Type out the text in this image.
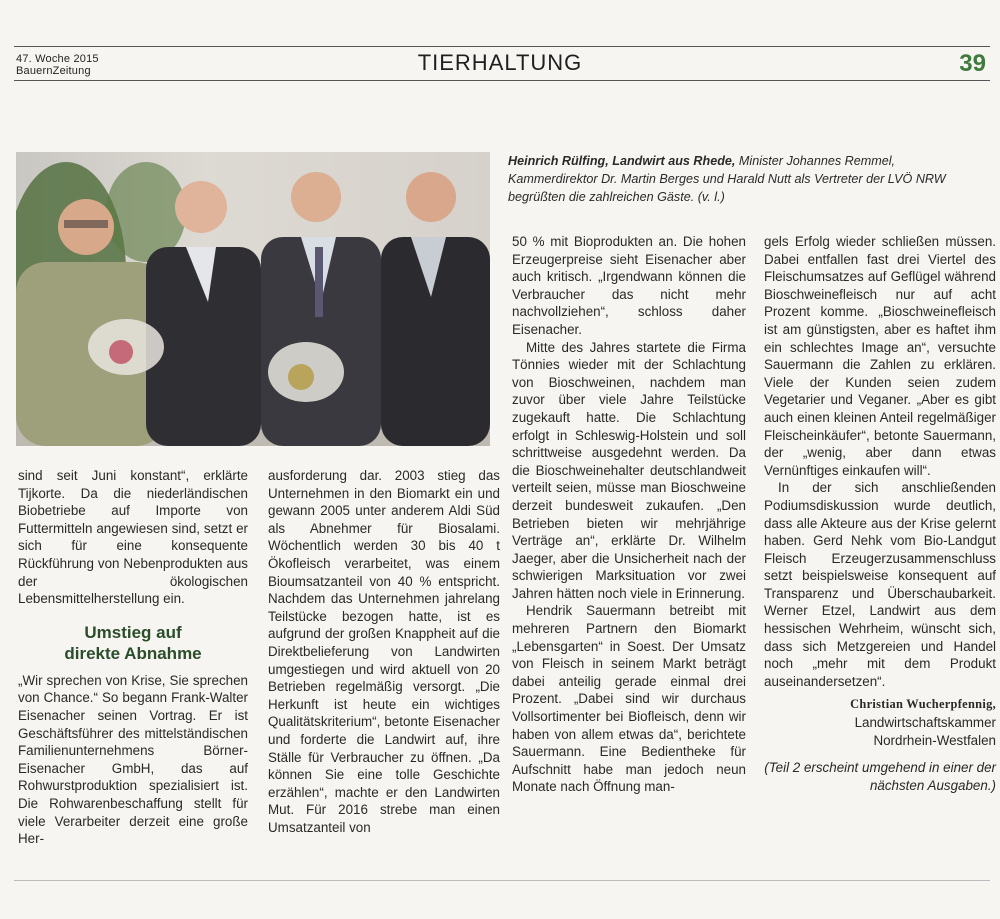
47. Woche 2015
BauernZeitung	TIERHALTUNG	39
Heinrich Rülfing, Landwirt aus Rhede, Minister Johannes Remmel, Kammerdirektor Dr. Martin Berges und Harald Nutt als Vertreter der LVÖ NRW begrüßten die zahlreichen Gäste. (v. l.)

sind seit Juni konstant“, erklärte Tijkorte. Da die niederländischen Biobetriebe auf Importe von Futtermitteln angewiesen sind, setzt er sich für eine konsequente Rückführung von Nebenprodukten aus der ökologischen Lebensmittelherstellung ein.

Umstieg auf
direkte Abnahme

„Wir sprechen von Krise, Sie sprechen von Chance.“ So begann Frank-Walter Eisenacher seinen Vortrag. Er ist Geschäftsführer des mittelständischen Familienunternehmens Börner-Eisenacher GmbH, das auf Rohwurstproduktion spezialisiert ist. Die Rohwarenbeschaffung stellt für viele Verarbeiter derzeit eine große Her-

ausforderung dar. 2003 stieg das Unternehmen in den Biomarkt ein und gewann 2005 unter anderem Aldi Süd als Abnehmer für Biosalami. Wöchentlich werden 30 bis 40 t Ökofleisch verarbeitet, was einem Bioumsatzanteil von 40 % entspricht. Nachdem das Unternehmen jahrelang Teilstücke bezogen hatte, ist es aufgrund der großen Knappheit auf die Direktbelieferung von Landwirten umgestiegen und wird aktuell von 20 Betrieben regelmäßig versorgt. „Die Herkunft ist heute ein wichtiges Qualitätskriterium“, betonte Eisenacher und forderte die Landwirt auf, ihre Ställe für Verbraucher zu öffnen. „Da können Sie eine tolle Geschichte erzählen“, machte er den Landwirten Mut. Für 2016 strebe man einen Umsatzanteil von

50 % mit Bioprodukten an. Die hohen Erzeugerpreise sieht Eisenacher aber auch kritisch. „Irgendwann können die Verbraucher das nicht mehr nachvollziehen“, schloss daher Eisenacher.

Mitte des Jahres startete die Firma Tönnies wieder mit der Schlachtung von Bioschweinen, nachdem man zuvor über viele Jahre Teilstücke zugekauft hatte. Die Schlachtung erfolgt in Schleswig-Holstein und soll schrittweise ausgedehnt werden. Da die Bioschweinehalter deutschlandweit verteilt seien, müsse man Bioschweine derzeit bundesweit zukaufen. „Den Betrieben bieten wir mehrjährige Verträge an“, erklärte Dr. Wilhelm Jaeger, aber die Unsicherheit nach der schwierigen Marksituation vor zwei Jahren hätten noch viele in Erinnerung.

Hendrik Sauermann betreibt mit mehreren Partnern den Biomarkt „Lebensgarten“ in Soest. Der Umsatz von Fleisch in seinem Markt beträgt dabei anteilig gerade einmal drei Prozent. „Dabei sind wir durchaus Vollsortimenter bei Biofleisch, denn wir haben von allem etwas da“, berichtete Sauermann. Eine Bedientheke für Aufschnitt habe man jedoch neun Monate nach Öffnung man-

gels Erfolg wieder schließen müssen. Dabei entfallen fast drei Viertel des Fleischumsatzes auf Geflügel während Bioschweinefleisch nur auf acht Prozent komme. „Bioschweinefleisch ist am günstigsten, aber es haftet ihm ein schlechtes Image an“, versuchte Sauermann die Zahlen zu erklären. Viele der Kunden seien zudem Vegetarier und Veganer. „Aber es gibt auch einen kleinen Anteil regelmäßiger Fleischeinkäufer“, betonte Sauermann, der „wenig, aber dann etwas Vernünftiges einkaufen will“.

In der sich anschließenden Podiumsdiskussion wurde deutlich, dass alle Akteure aus der Krise gelernt haben. Gerd Nehk vom Bio-Landgut Fleisch Erzeugerzusammenschluss setzt beispielsweise konsequent auf Transparenz und Überschaubarkeit. Werner Etzel, Landwirt aus dem hessischen Wehrheim, wünscht sich, dass sich Metzgereien und Handel noch „mehr mit dem Produkt auseinandersetzen“.

Christian Wucherpfennig,
Landwirtschaftskammer
Nordrhein-Westfalen
(Teil 2 erscheint umgehend in einer der nächsten Ausgaben.)
